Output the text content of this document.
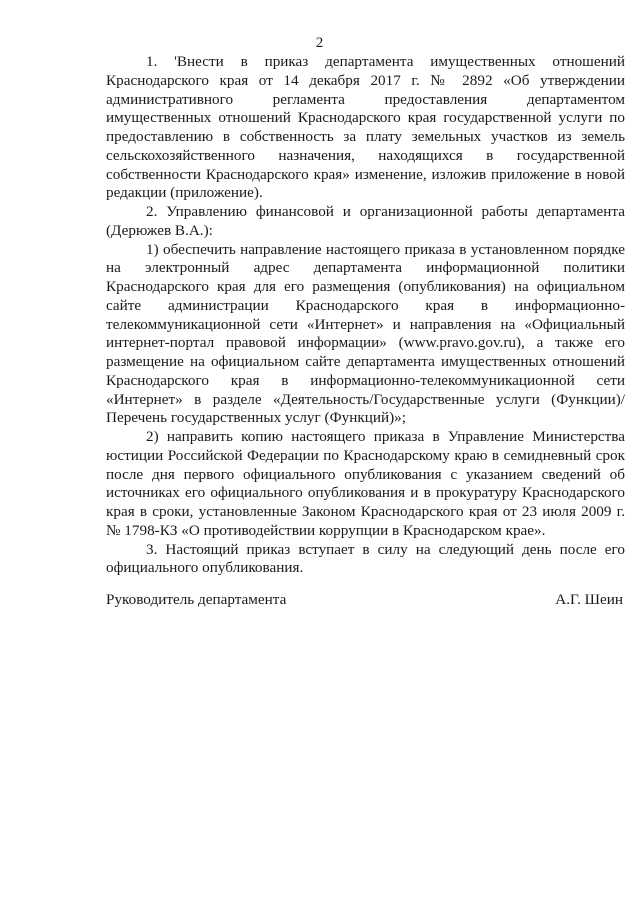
2

1. 'Внести в приказ департамента имущественных отношений Краснодарского края от 14 декабря 2017 г. № 2892 «Об утверждении административного регламента предоставления департаментом имущественных отношений Краснодарского края государственной услуги по предоставлению в собственность за плату земельных участков из земель сельскохозяйственного назначения, находящихся в государственной собственности Краснодарского края» изменение, изложив приложение в новой редакции (приложение).

2. Управлению финансовой и организационной работы департамента (Дерюжев В.А.):

1) обеспечить направление настоящего приказа в установленном порядке на электронный адрес департамента информационной политики Краснодарского края для его размещения (опубликования) на официальном сайте администрации Краснодарского края в информационно-телекоммуникационной сети «Интернет» и направления на «Официальный интернет-портал правовой информации» (www.pravo.gov.ru), а также его размещение на официальном сайте департамента имущественных отношений Краснодарского края в информационно-телекоммуникационной сети «Интернет» в разделе «Деятельность/Государственные услуги (Функции)/Перечень государственных услуг (Функций)»;

2) направить копию настоящего приказа в Управление Министерства юстиции Российской Федерации по Краснодарскому краю в семидневный срок после дня первого официального опубликования с указанием сведений об источниках его официального опубликования и в прокуратуру Краснодарского края в сроки, установленные Законом Краснодарского края от 23 июля 2009 г. № 1798-КЗ «О противодействии коррупции в Краснодарском крае».

3. Настоящий приказ вступает в силу на следующий день после его официального опубликования.

Руководитель департамента	А.Г. Шеин
